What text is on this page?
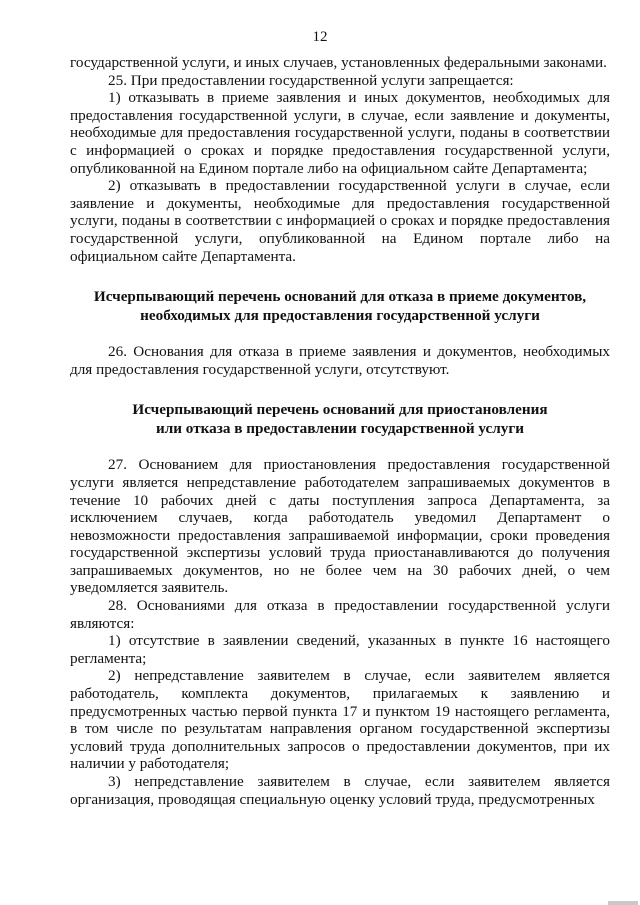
12

государственной услуги, и иных случаев, установленных федеральными законами.

25. При предоставлении государственной услуги запрещается:

1) отказывать в приеме заявления и иных документов, необходимых для предоставления государственной услуги, в случае, если заявление и документы, необходимые для предоставления государственной услуги, поданы в соответствии с информацией о сроках и порядке предоставления государственной услуги, опубликованной на Едином портале либо на официальном сайте Департамента;

2) отказывать в предоставлении государственной услуги в случае, если заявление и документы, необходимые для предоставления государственной услуги, поданы в соответствии с информацией о сроках и порядке предоставления государственной услуги, опубликованной на Едином портале либо на официальном сайте Департамента.

Исчерпывающий перечень оснований для отказа в приеме документов,

необходимых для предоставления государственной услуги

26. Основания для отказа в приеме заявления и документов, необходимых для предоставления государственной услуги, отсутствуют.

Исчерпывающий перечень оснований для приостановления

или отказа в предоставлении государственной услуги

27. Основанием для приостановления предоставления государственной услуги является непредставление работодателем запрашиваемых документов в течение 10 рабочих дней с даты поступления запроса Департамента, за исключением случаев, когда работодатель уведомил Департамент о невозможности предоставления запрашиваемой информации, сроки проведения государственной экспертизы условий труда приостанавливаются до получения запрашиваемых документов, но не более чем на 30 рабочих дней, о чем уведомляется заявитель.

28. Основаниями для отказа в предоставлении государственной услуги являются:

1) отсутствие в заявлении сведений, указанных в пункте 16 настоящего регламента;

2) непредставление заявителем в случае, если заявителем является работодатель, комплекта документов, прилагаемых к заявлению и предусмотренных частью первой пункта 17 и пунктом 19 настоящего регламента, в том числе по результатам направления органом государственной экспертизы условий труда дополнительных запросов о предоставлении документов, при их наличии у работодателя;

3) непредставление заявителем в случае, если заявителем является организация, проводящая специальную оценку условий труда, предусмотренных
